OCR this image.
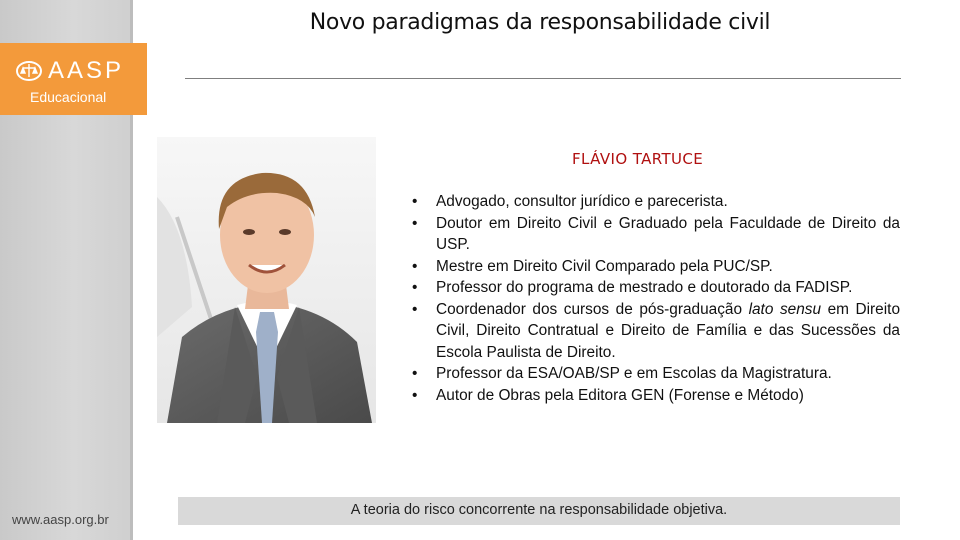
www.aasp.org.br
AASP
Educacional
Novo paradigmas da responsabilidade civil
FLÁVIO TARTUCE
• Advogado, consultor jurídico e parecerista.
• Doutor em Direito Civil e Graduado pela Faculdade de Direito da USP.
• Mestre em Direito Civil Comparado pela PUC/SP.
• Professor do programa de mestrado e doutorado da FADISP.
• Coordenador dos cursos de pós-graduação lato sensu em Direito Civil, Direito Contratual e Direito de Família e das Sucessões da Escola Paulista de Direito.
• Professor da ESA/OAB/SP e em Escolas da Magistratura.
• Autor de Obras pela Editora GEN (Forense e Método)
A teoria do risco concorrente na responsabilidade objetiva.
